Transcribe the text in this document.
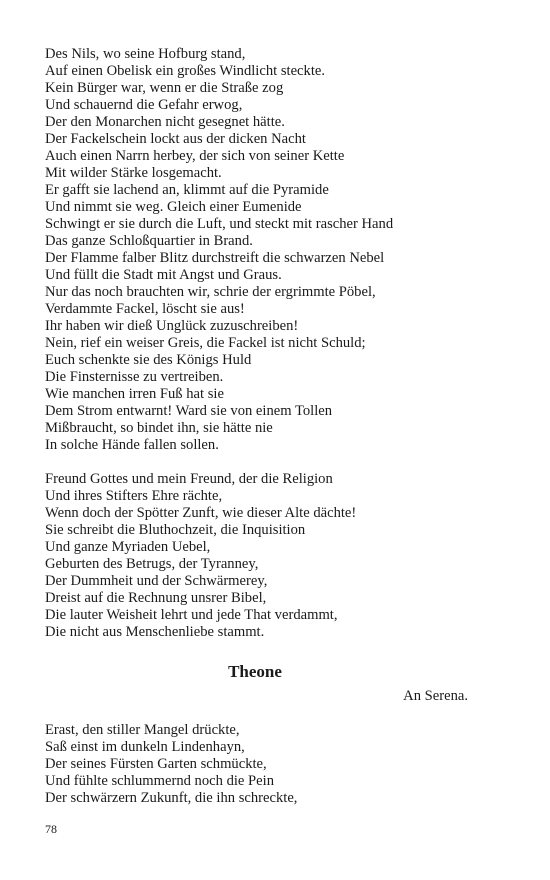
Des Nils, wo seine Hofburg stand,
Auf einen Obelisk ein großes Windlicht steckte.
Kein Bürger war, wenn er die Straße zog
Und schauernd die Gefahr erwog,
Der den Monarchen nicht gesegnet hätte.
Der Fackelschein lockt aus der dicken Nacht
Auch einen Narrn herbey, der sich von seiner Kette
Mit wilder Stärke losgemacht.
Er gafft sie lachend an, klimmt auf die Pyramide
Und nimmt sie weg. Gleich einer Eumenide
Schwingt er sie durch die Luft, und steckt mit rascher Hand
Das ganze Schloßquartier in Brand.
Der Flamme falber Blitz durchstreift die schwarzen Nebel
Und füllt die Stadt mit Angst und Graus.
Nur das noch brauchten wir, schrie der ergrimmte Pöbel,
Verdammte Fackel, löscht sie aus!
Ihr haben wir dieß Unglück zuzuschreiben!
Nein, rief ein weiser Greis, die Fackel ist nicht Schuld;
Euch schenkte sie des Königs Huld
Die Finsternisse zu vertreiben.
Wie manchen irren Fuß hat sie
Dem Strom entwarnt! Ward sie von einem Tollen
Mißbraucht, so bindet ihn, sie hätte nie
In solche Hände fallen sollen.
Freund Gottes und mein Freund, der die Religion
Und ihres Stifters Ehre rächte,
Wenn doch der Spötter Zunft, wie dieser Alte dächte!
Sie schreibt die Bluthochzeit, die Inquisition
Und ganze Myriaden Uebel,
Geburten des Betrugs, der Tyranney,
Der Dummheit und der Schwärmerey,
Dreist auf die Rechnung unsrer Bibel,
Die lauter Weisheit lehrt und jede That verdammt,
Die nicht aus Menschenliebe stammt.
Theone
An Serena.
Erast, den stiller Mangel drückte,
Saß einst im dunkeln Lindenhayn,
Der seines Fürsten Garten schmückte,
Und fühlte schlummernd noch die Pein
Der schwärzern Zukunft, die ihn schreckte,
78
